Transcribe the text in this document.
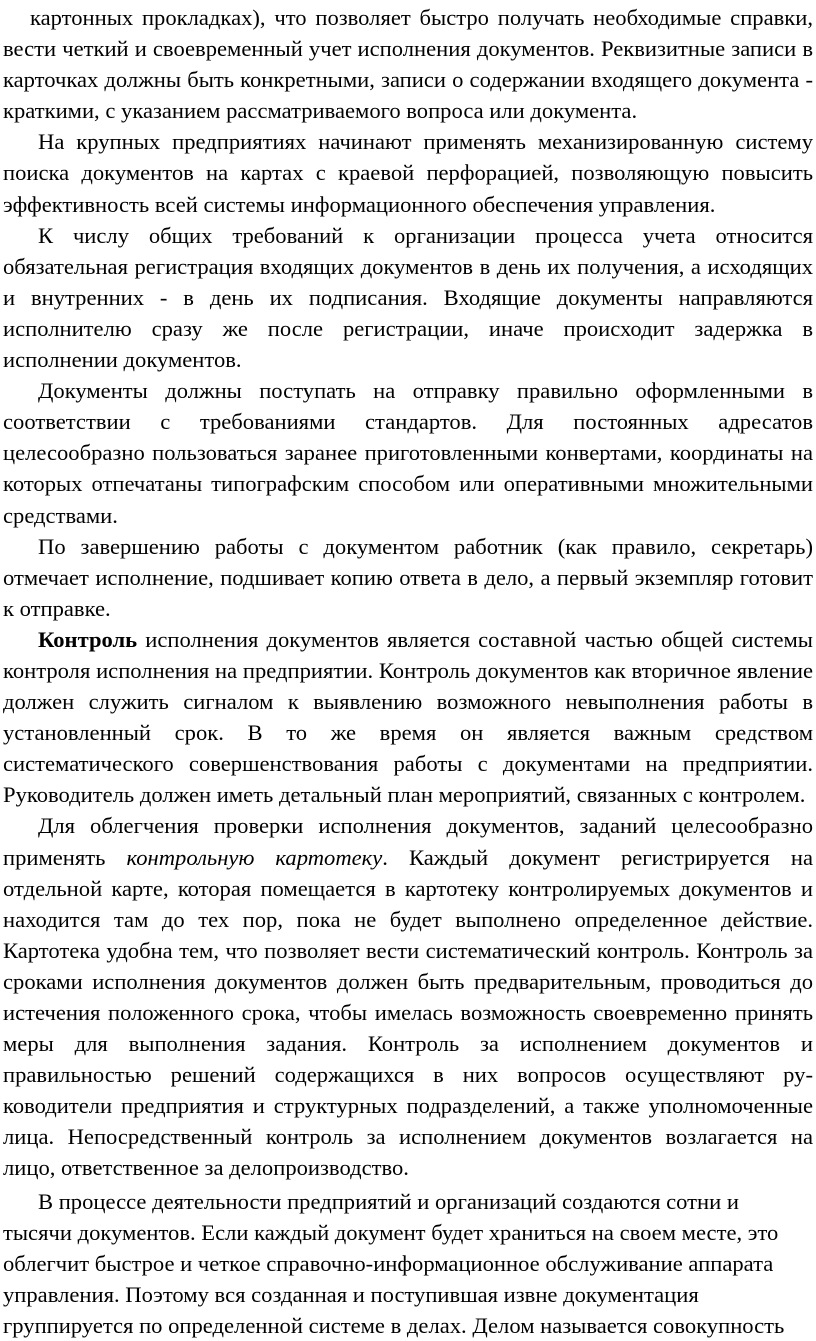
картонных прокладках), что позволяет быстро получать необходимые справки, вести четкий и своевременный учет исполнения документов. Реквизитные записи в карточках должны быть конкретными, записи о содержании входящего документа - краткими, с указанием рассматриваемого вопроса или документа.

На крупных предприятиях начинают применять механизированную систему поиска документов на картах с краевой перфорацией, позволяющую повысить эффективность всей системы информационного обеспечения управления.

К числу общих требований к организации процесса учета относится обязательная регистрация входящих документов в день их получения, а исходящих и внутренних - в день их подписания. Входящие документы направляются исполнителю сразу же после регистрации, иначе происходит задержка в исполнении документов.

Документы должны поступать на отправку правильно оформленными в соответствии с требованиями стандартов. Для постоянных адресатов целесообразно пользоваться заранее приготовленными конвертами, координаты на которых отпечатаны типографским способом или оперативными множительными средствами.

По завершению работы с документом работник (как правило, секретарь) отмечает исполнение, подшивает копию ответа в дело, а первый экземпляр готовит к отправке.

Контроль исполнения документов является составной частью общей системы контроля исполнения на предприятии. Контроль документов как вторичное явление должен служить сигналом к выявлению возможного невыполнения работы в установленный срок. В то же время он является важным средством систематического совершенствования работы с документами на предприятии. Руководитель должен иметь детальный план мероприятий, связанных с контролем.

Для облегчения проверки исполнения документов, заданий целесообразно применять контрольную картотеку. Каждый документ регистрируется на отдельной карте, которая помещается в картотеку контролируемых документов и находится там до тех пор, пока не будет выполнено определенное действие. Картотека удобна тем, что позволяет вести систематический контроль. Контроль за сроками исполнения документов должен быть предварительным, проводиться до истечения положенного срока, чтобы имелась возможность своевременно принять меры для выполнения задания. Контроль за исполнением документов и правильностью решений содержащихся в них вопросов осуществляют руководители предприятия и структурных подразделений, а также уполномоченные лица. Непосредственный контроль за исполнением документов возлагается на лицо, ответственное за делопроизводство.

В процессе деятельности предприятий и организаций создаются сотни и тысячи документов. Если каждый документ будет храниться на своем месте, это облегчит быстрое и четкое справочно-информационное обслуживание аппарата управления. Поэтому вся созданная и поступившая извне документация группируется по определенной системе в делах. Делом называется совокупность
